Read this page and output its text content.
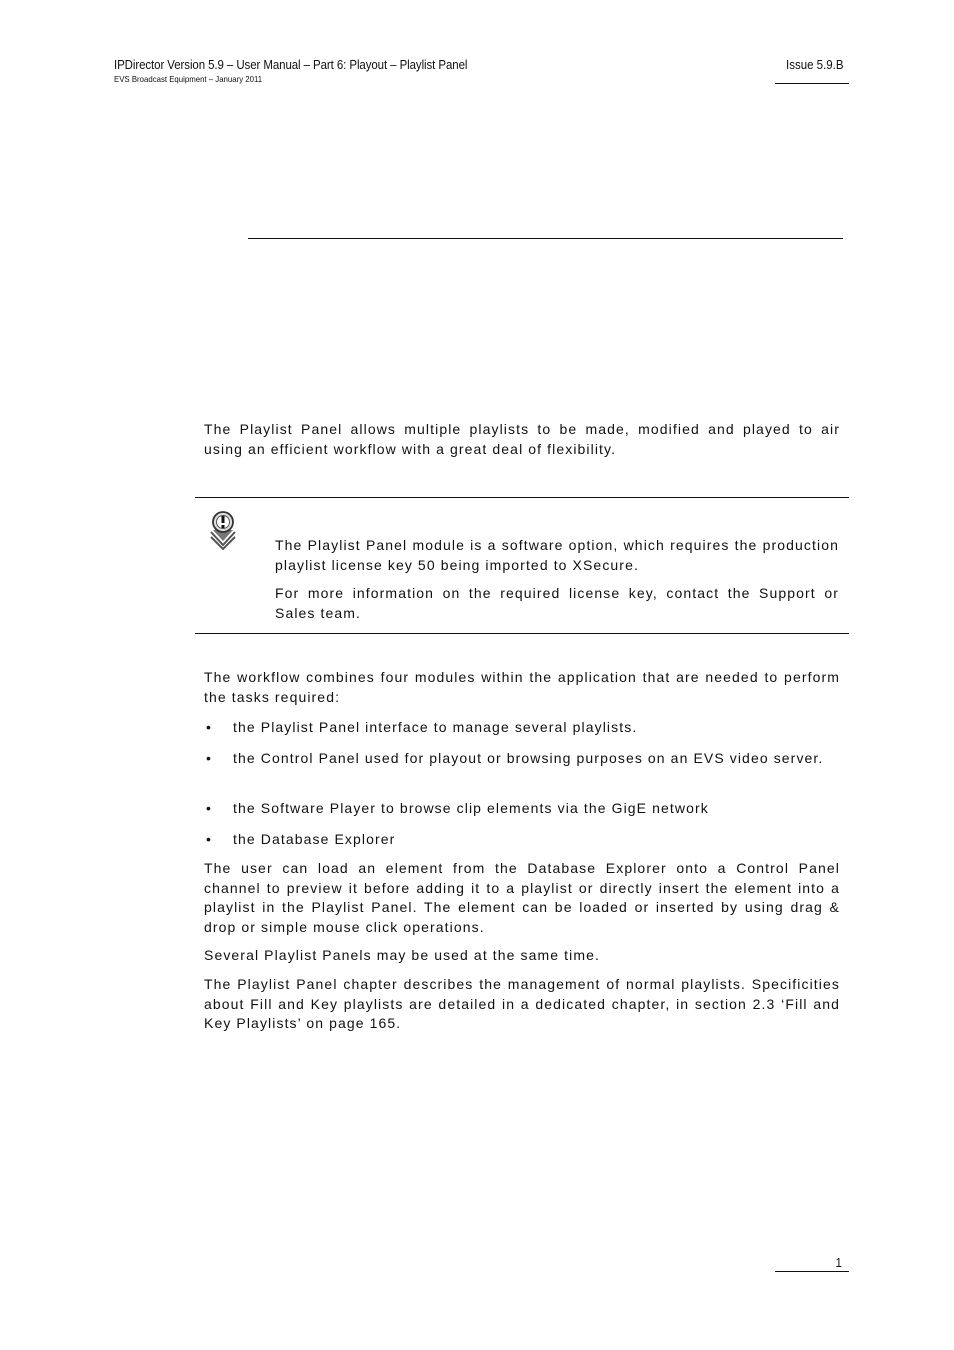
IPDirector Version 5.9 – User Manual – Part 6: Playout – Playlist Panel
EVS Broadcast Equipment – January 2011
Issue 5.9.B
The Playlist Panel allows multiple playlists to be made, modified and played to air using an efficient workflow with a great deal of flexibility.
The Playlist Panel module is a software option, which requires the production playlist license key 50 being imported to XSecure.
For more information on the required license key, contact the Support or Sales team.
The workflow combines four modules within the application that are needed to perform the tasks required:
• the Playlist Panel interface to manage several playlists.
• the Control Panel used for playout or browsing purposes on an EVS video server.
• the Software Player to browse clip elements via the GigE network
• the Database Explorer
The user can load an element from the Database Explorer onto a Control Panel channel to preview it before adding it to a playlist or directly insert the element into a playlist in the Playlist Panel. The element can be loaded or inserted by using drag & drop or simple mouse click operations.
Several Playlist Panels may be used at the same time.
The Playlist Panel chapter describes the management of normal playlists. Specificities about Fill and Key playlists are detailed in a dedicated chapter, in section 2.3 ‘Fill and Key Playlists’ on page 165.
1
